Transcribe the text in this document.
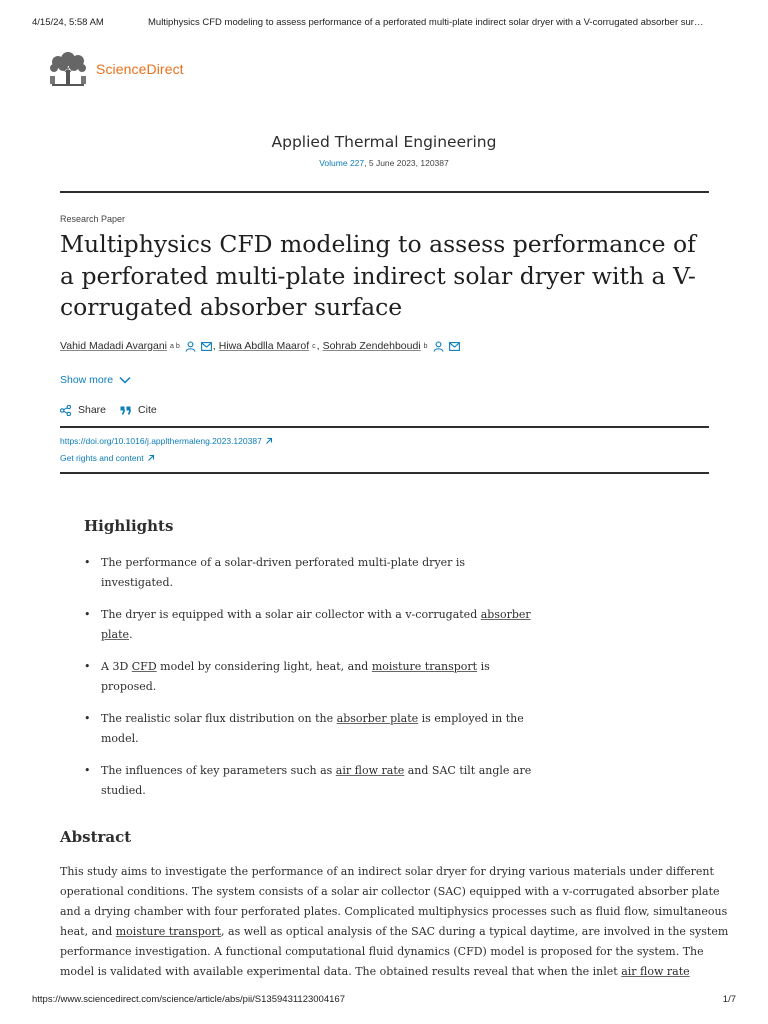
4/15/24, 5:58 AM	Multiphysics CFD modeling to assess performance of a perforated multi-plate indirect solar dryer with a V-corrugated absorber sur…
ScienceDirect
Applied Thermal Engineering
Volume 227, 5 June 2023, 120387
Research Paper
Multiphysics CFD modeling to assess performance of a perforated multi-plate indirect solar dryer with a V-corrugated absorber surface
Vahid Madadi Avargani a b	, Hiwa Abdlla Maarof c , Sohrab Zendehboudi b
Show more
Share	Cite
https://doi.org/10.1016/j.applthermaleng.2023.120387
Get rights and content
Highlights
• The performance of a solar-driven perforated multi-plate dryer is investigated.
• The dryer is equipped with a solar air collector with a v-corrugated absorber
plate.
• A 3D CFD model by considering light, heat, and moisture transport is proposed.
• The realistic solar flux distribution on the absorber plate is employed in the
model.
• The influences of key parameters such as air flow rate and SAC tilt angle are
studied.
Abstract
This study aims to investigate the performance of an indirect solar dryer for drying various materials under different
operational conditions. The system consists of a solar air collector (SAC) equipped with a v-corrugated absorber plate
and a drying chamber with four perforated plates. Complicated multiphysics processes such as fluid flow, simultaneous
heat, and moisture transport, as well as optical analysis of the SAC during a typical daytime, are involved in the system
performance investigation. A functional computational fluid dynamics (CFD) model is proposed for the system. The
model is validated with available experimental data. The obtained results reveal that when the inlet air flow rate
https://www.sciencedirect.com/science/article/abs/pii/S1359431123004167	1/7
